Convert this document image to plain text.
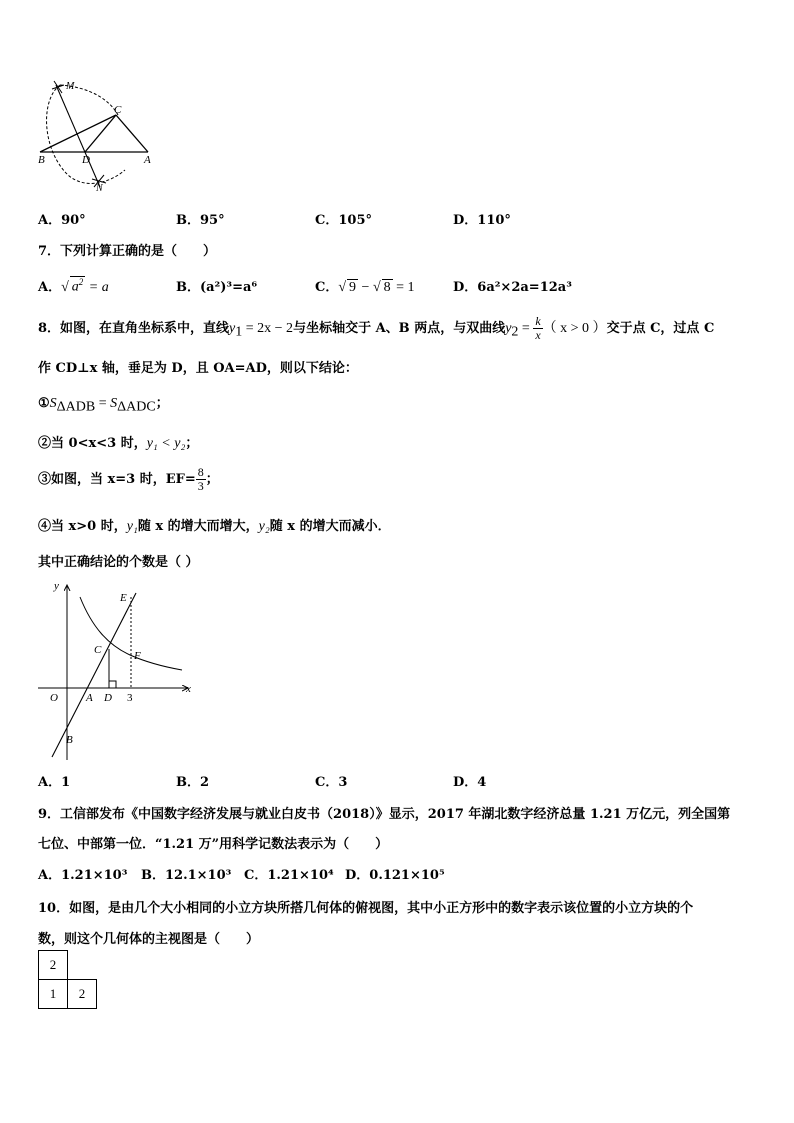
M
C
B	D	A
N
A．90°	B．95°	C．105°	D．110°
7．下列计算正确的是（　　）
A．√ $a^2 = a$	B．(a²)³=a⁶	C．√ 9 − √ 8 = 1	D．6a²×2a=12a³
8．如图，在直角坐标系中，直线$y_1 = 2x - 2$与坐标轴交于 A、B 两点，与双曲线$y_2 = \frac{k}{x}$ （ x > 0 ）交于点 C，过点 C
作 CD⊥x 轴，垂足为 D，且 OA=AD，则以下结论：
$①S_{\Delta ADB} = S_{\Delta ADC}$；
②当 0<x<3 时，y₁ < y₂；
③如图，当 x=3 时，$EF= \frac{8}{3}$ ；
④当 x>0 时，y₁随 x 的增大而增大，y₂随 x 的增大而减小．
其中正确结论的个数是（ ）
y
E
C	F
O	A D 3
x
B
A．1	B．2	C．3	D．4
9．工信部发布《中国数字经济发展与就业白皮书（2018）》显示，2017 年湖北数字经济总量 1.21 万亿元，列全国第
七位、中部第一位．“1.21 万”用科学记数法表示为（　　）
A．1.21×10³ B．12.1×10³ C．1.21×10⁴ D．0.121×10⁵
10．如图，是由几个大小相同的小立方块所搭几何体的俯视图，其中小正方形中的数字表示该位置的小立方块的个
数，则这个几何体的主视图是（　　）
2	
1	2
